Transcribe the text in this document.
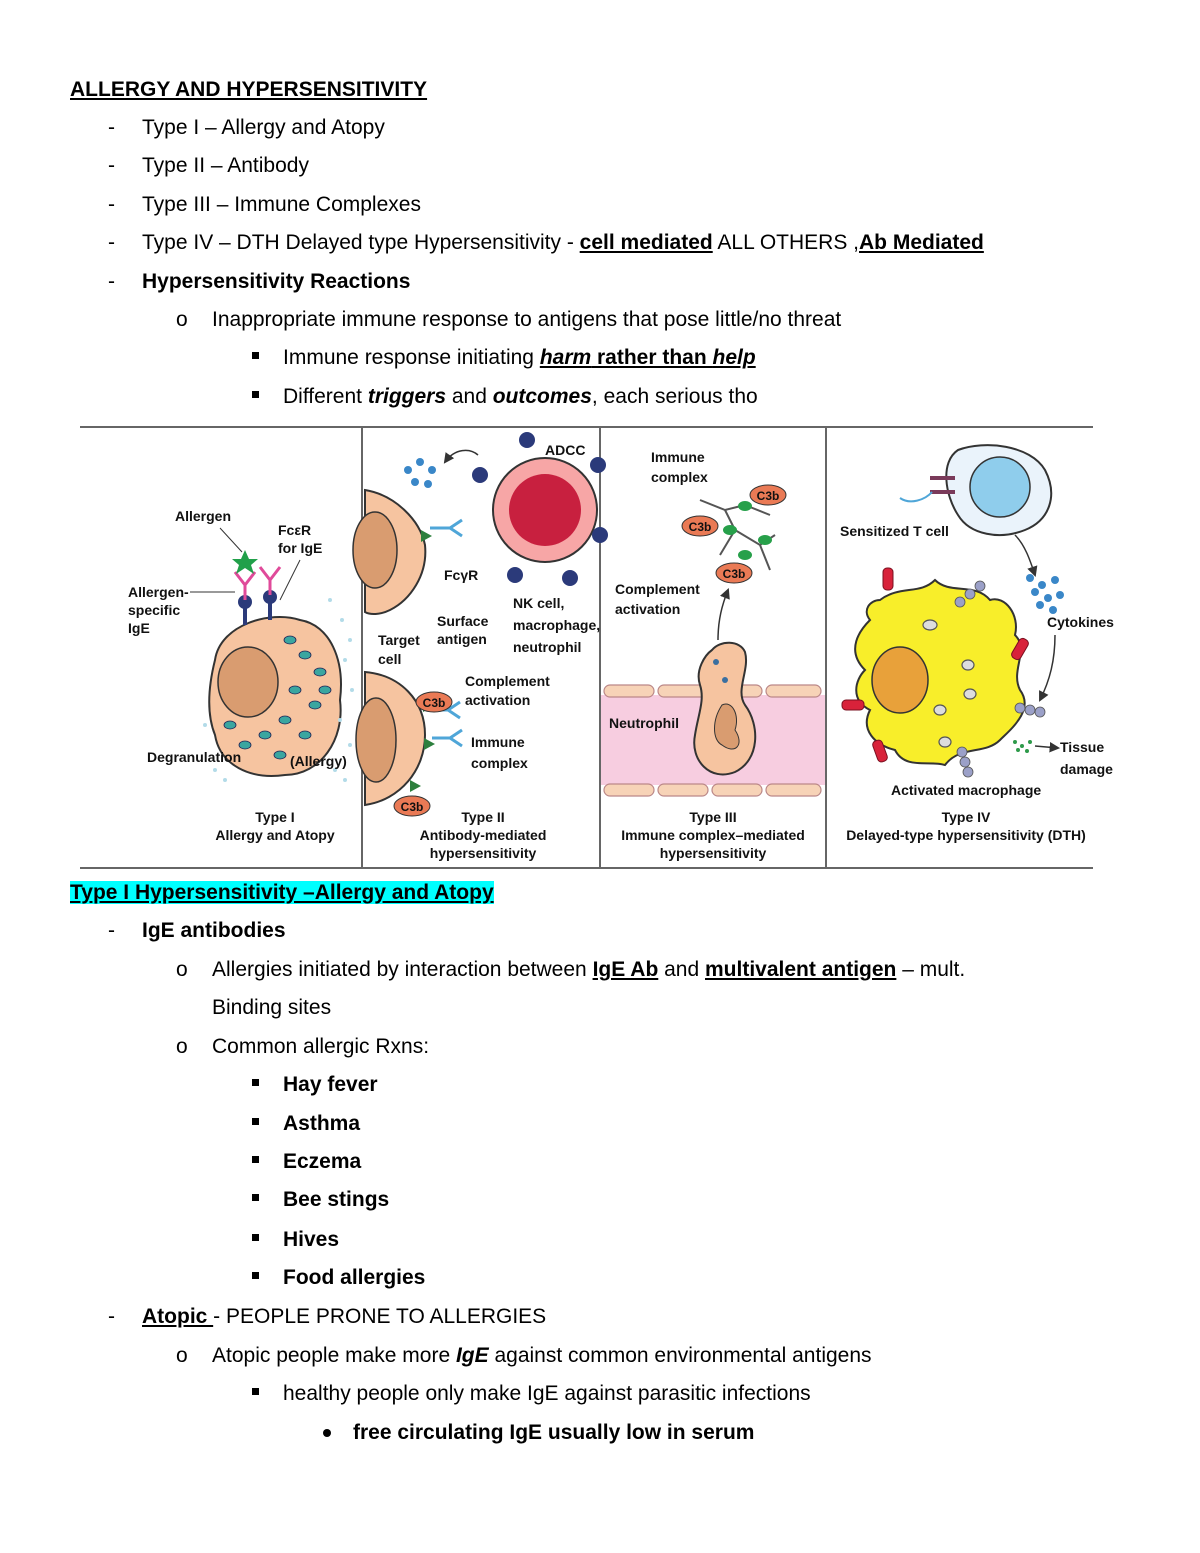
ALLERGY AND HYPERSENSITIVITY
- Type I – Allergy and Atopy
- Type II – Antibody
- Type III – Immune Complexes
- Type IV – DTH Delayed type Hypersensitivity - cell mediated ALL OTHERS ,Ab Mediated
- Hypersensitivity Reactions
o Inappropriate immune response to antigens that pose little/no threat
Immune response initiating harm rather than help
Different triggers and outcomes, each serious tho
Allergen
FcεR
for IgE
Allergen-
specific
IgE
Degranulation	(Allergy)
Type I
Allergy and Atopy
C3b
C3b
ADCC
FcγR
Surface
antigen
NK cell,
macrophage,
neutrophil
Target
cell
Complement
activation
Immune
complex
Type II
Antibody-mediated
hypersensitivity
C3b
C3b
C3b
Immune
complex
Complement
activation
Neutrophil
Type III
Immune complex–mediated
hypersensitivity
Sensitized T cell
Cytokines
Tissue
damage
Activated macrophage
Type IV
Delayed-type hypersensitivity (DTH)
Type I Hypersensitivity –Allergy and Atopy
- IgE antibodies
o Allergies initiated by interaction between IgE Ab and multivalent antigen – mult.
Binding sites
o Common allergic Rxns:
Hay fever
Asthma
Eczema
Bee stings
Hives
Food allergies
- Atopic - PEOPLE PRONE TO ALLERGIES
o Atopic people make more IgE against common environmental antigens
healthy people only make IgE against parasitic infections
free circulating IgE usually low in serum
